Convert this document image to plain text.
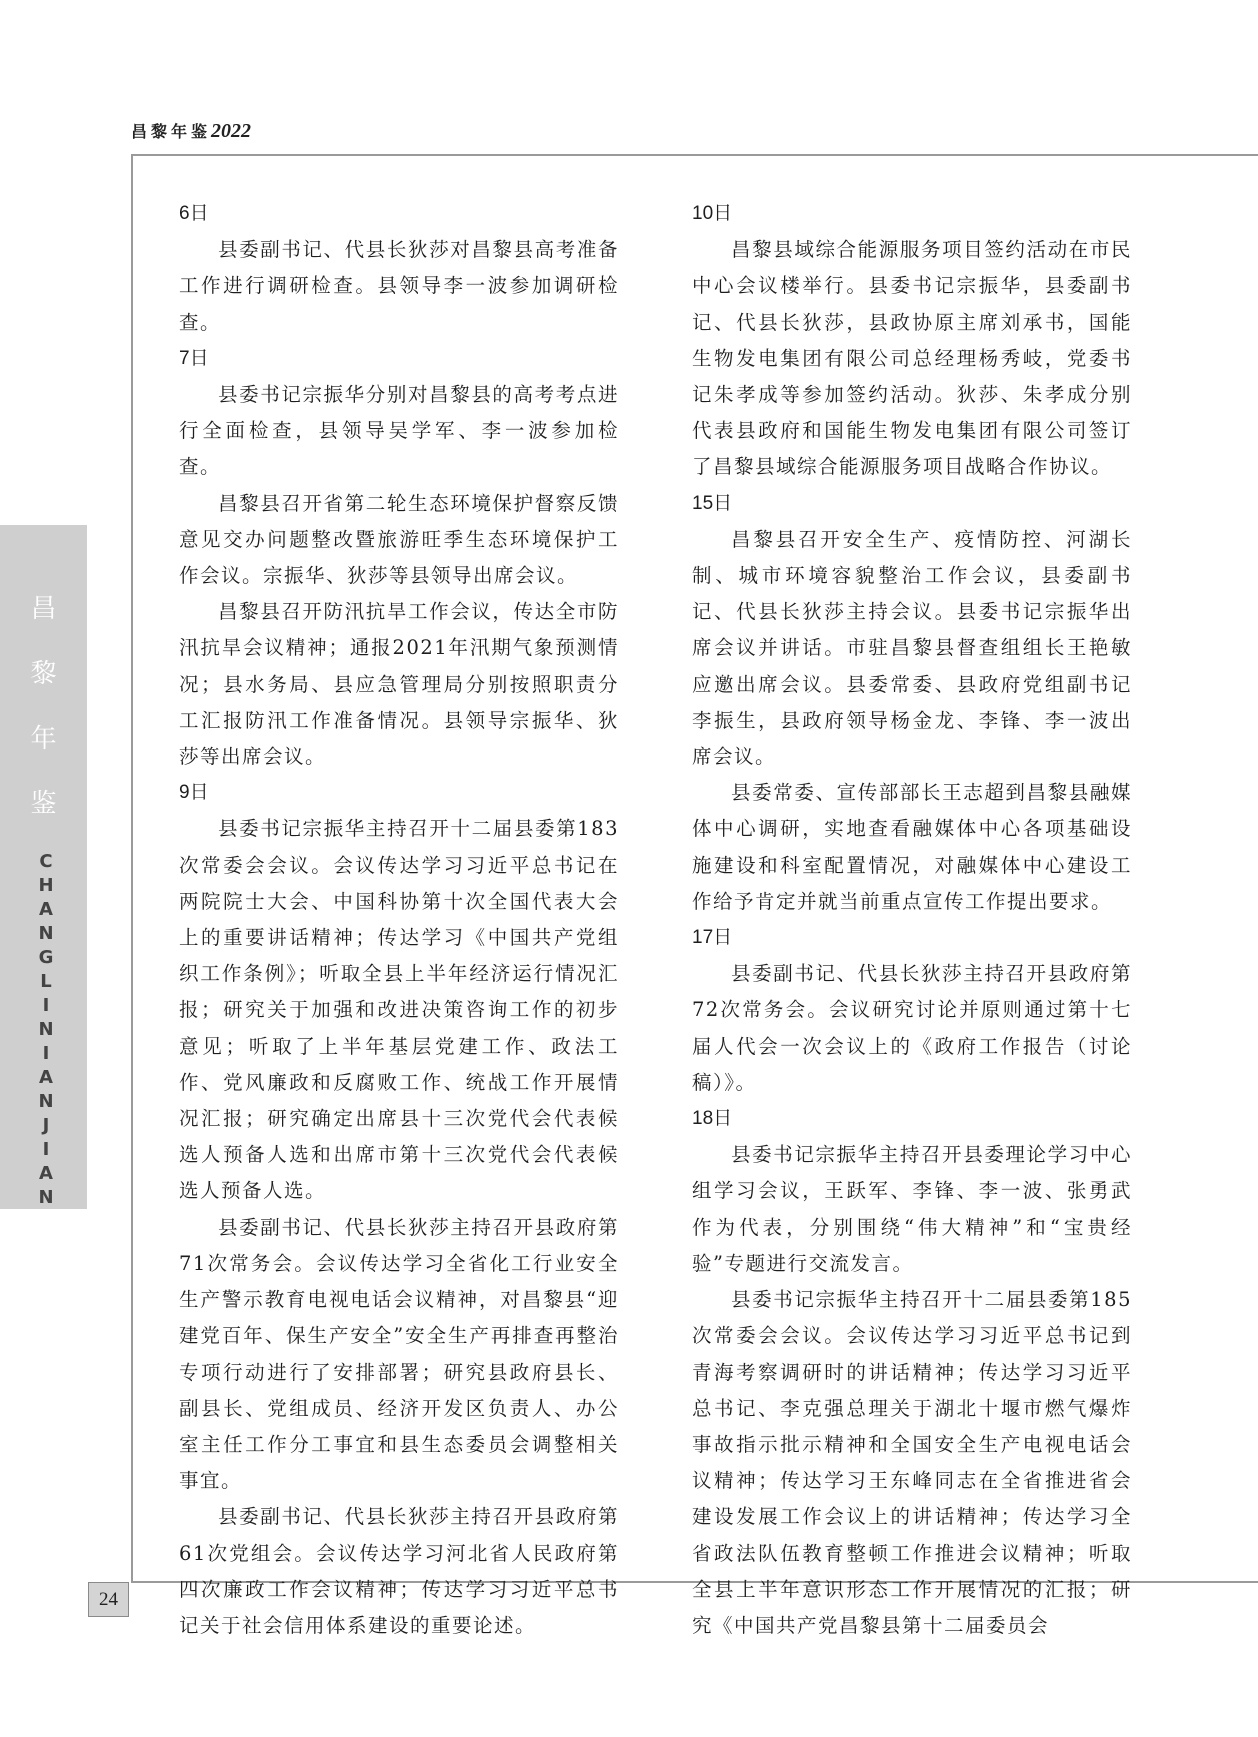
昌黎年鉴2022
昌
黎
年
鉴
C
H
A
N
G
L
I
N
I
A
N
J
I
A
N
24

6日

县委副书记、代县长狄莎对昌黎县高考准备工作进行调研检查。县领导李一波参加调研检查。

7日

县委书记宗振华分别对昌黎县的高考考点进行全面检查，县领导吴学军、李一波参加检查。

昌黎县召开省第二轮生态环境保护督察反馈意见交办问题整改暨旅游旺季生态环境保护工作会议。宗振华、狄莎等县领导出席会议。

昌黎县召开防汛抗旱工作会议，传达全市防汛抗旱会议精神；通报2021年汛期气象预测情况；县水务局、县应急管理局分别按照职责分工汇报防汛工作准备情况。县领导宗振华、狄莎等出席会议。

9日

县委书记宗振华主持召开十二届县委第183次常委会会议。会议传达学习习近平总书记在两院院士大会、中国科协第十次全国代表大会上的重要讲话精神；传达学习《中国共产党组织工作条例》；听取全县上半年经济运行情况汇报；研究关于加强和改进决策咨询工作的初步意见；听取了上半年基层党建工作、政法工作、党风廉政和反腐败工作、统战工作开展情况汇报；研究确定出席县十三次党代会代表候选人预备人选和出席市第十三次党代会代表候选人预备人选。

县委副书记、代县长狄莎主持召开县政府第71次常务会。会议传达学习全省化工行业安全生产警示教育电视电话会议精神，对昌黎县“迎建党百年、保生产安全”安全生产再排查再整治专项行动进行了安排部署；研究县政府县长、副县长、党组成员、经济开发区负责人、办公室主任工作分工事宜和县生态委员会调整相关事宜。

县委副书记、代县长狄莎主持召开县政府第61次党组会。会议传达学习河北省人民政府第四次廉政工作会议精神；传达学习习近平总书记关于社会信用体系建设的重要论述。

10日

昌黎县域综合能源服务项目签约活动在市民中心会议楼举行。县委书记宗振华，县委副书记、代县长狄莎，县政协原主席刘承书，国能生物发电集团有限公司总经理杨秀岐，党委书记朱孝成等参加签约活动。狄莎、朱孝成分别代表县政府和国能生物发电集团有限公司签订了昌黎县域综合能源服务项目战略合作协议。

15日

昌黎县召开安全生产、疫情防控、河湖长制、城市环境容貌整治工作会议，县委副书记、代县长狄莎主持会议。县委书记宗振华出席会议并讲话。市驻昌黎县督查组组长王艳敏应邀出席会议。县委常委、县政府党组副书记李振生，县政府领导杨金龙、李锋、李一波出席会议。

县委常委、宣传部部长王志超到昌黎县融媒体中心调研，实地查看融媒体中心各项基础设施建设和科室配置情况，对融媒体中心建设工作给予肯定并就当前重点宣传工作提出要求。

17日

县委副书记、代县长狄莎主持召开县政府第72次常务会。会议研究讨论并原则通过第十七届人代会一次会议上的《政府工作报告（讨论稿）》。

18日

县委书记宗振华主持召开县委理论学习中心组学习会议，王跃军、李锋、李一波、张勇武作为代表，分别围绕“伟大精神”和“宝贵经验”专题进行交流发言。

县委书记宗振华主持召开十二届县委第185次常委会会议。会议传达学习习近平总书记到青海考察调研时的讲话精神；传达学习习近平总书记、李克强总理关于湖北十堰市燃气爆炸事故指示批示精神和全国安全生产电视电话会议精神；传达学习王东峰同志在全省推进省会建设发展工作会议上的讲话精神；传达学习全省政法队伍教育整顿工作推进会议精神；听取全县上半年意识形态工作开展情况的汇报；研究《中国共产党昌黎县第十二届委员会
